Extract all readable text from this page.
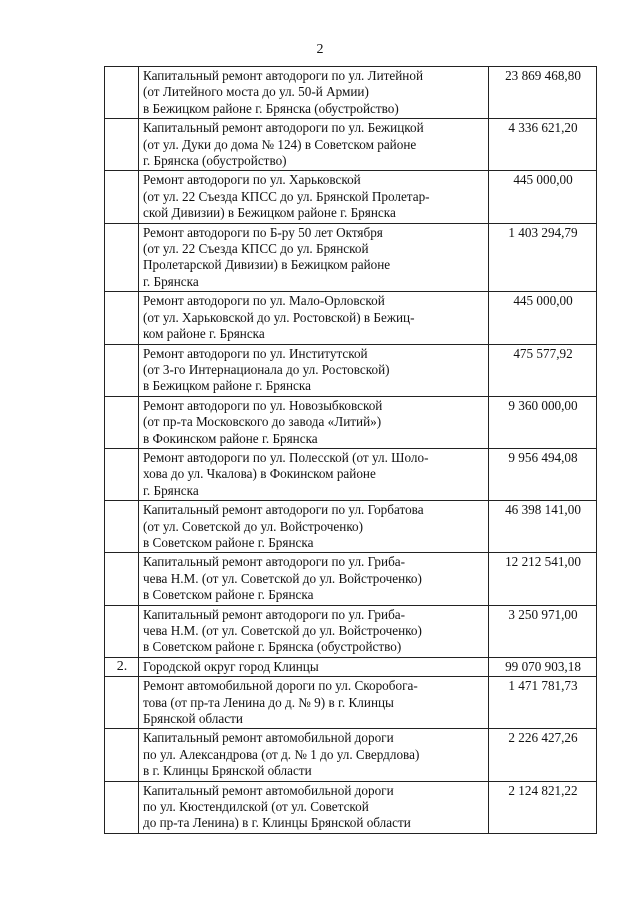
2

	Капитальный ремонт автодороги по ул. Литейной
(от Литейного моста до ул. 50-й Армии)
в Бежицком районе г. Брянска (обустройство)	23 869 468,80

	Капитальный ремонт автодороги по ул. Бежицкой
(от ул. Дуки до дома № 124) в Советском районе
г. Брянска (обустройство)	4 336 621,20

	Ремонт автодороги по ул. Харьковской
(от ул. 22 Съезда КПСС до ул. Брянской Пролетар-
ской Дивизии) в Бежицком районе г. Брянска	445 000,00

	Ремонт автодороги по Б-ру 50 лет Октября
(от ул. 22 Съезда КПСС до ул. Брянской
Пролетарской Дивизии) в Бежицком районе
г. Брянска	1 403 294,79

	Ремонт автодороги по ул. Мало-Орловской
(от ул. Харьковской до ул. Ростовской) в Бежиц-
ком районе г. Брянска	445 000,00

	Ремонт автодороги по ул. Институтской
(от 3-го Интернационала до ул. Ростовской)
в Бежицком районе г. Брянска	475 577,92

	Ремонт автодороги по ул. Новозыбковской
(от пр-та Московского до завода «Литий»)
в Фокинском районе г. Брянска	9 360 000,00

	Ремонт автодороги по ул. Полесской (от ул. Шоло-
хова до ул. Чкалова) в Фокинском районе
г. Брянска	9 956 494,08

	Капитальный ремонт автодороги по ул. Горбатова
(от ул. Советской до ул. Войстроченко)
в Советском районе г. Брянска	46 398 141,00

	Капитальный ремонт автодороги по ул. Гриба-
чева Н.М. (от ул. Советской до ул. Войстроченко)
в Советском районе г. Брянска	12 212 541,00

	Капитальный ремонт автодороги по ул. Гриба-
чева Н.М. (от ул. Советской до ул. Войстроченко)
в Советском районе г. Брянска (обустройство)	3 250 971,00
2.	Городской округ город Клинцы	99 070 903,18

	Ремонт автомобильной дороги по ул. Скоробога-
това (от пр-та Ленина до д. № 9) в г. Клинцы
Брянской области	1 471 781,73

	Капитальный ремонт автомобильной дороги
по ул. Александрова (от д. № 1 до ул. Свердлова)
в г. Клинцы Брянской области	2 226 427,26

	Капитальный ремонт автомобильной дороги
по ул. Кюстендилской (от ул. Советской
до пр-та Ленина) в г. Клинцы Брянской области	2 124 821,22
